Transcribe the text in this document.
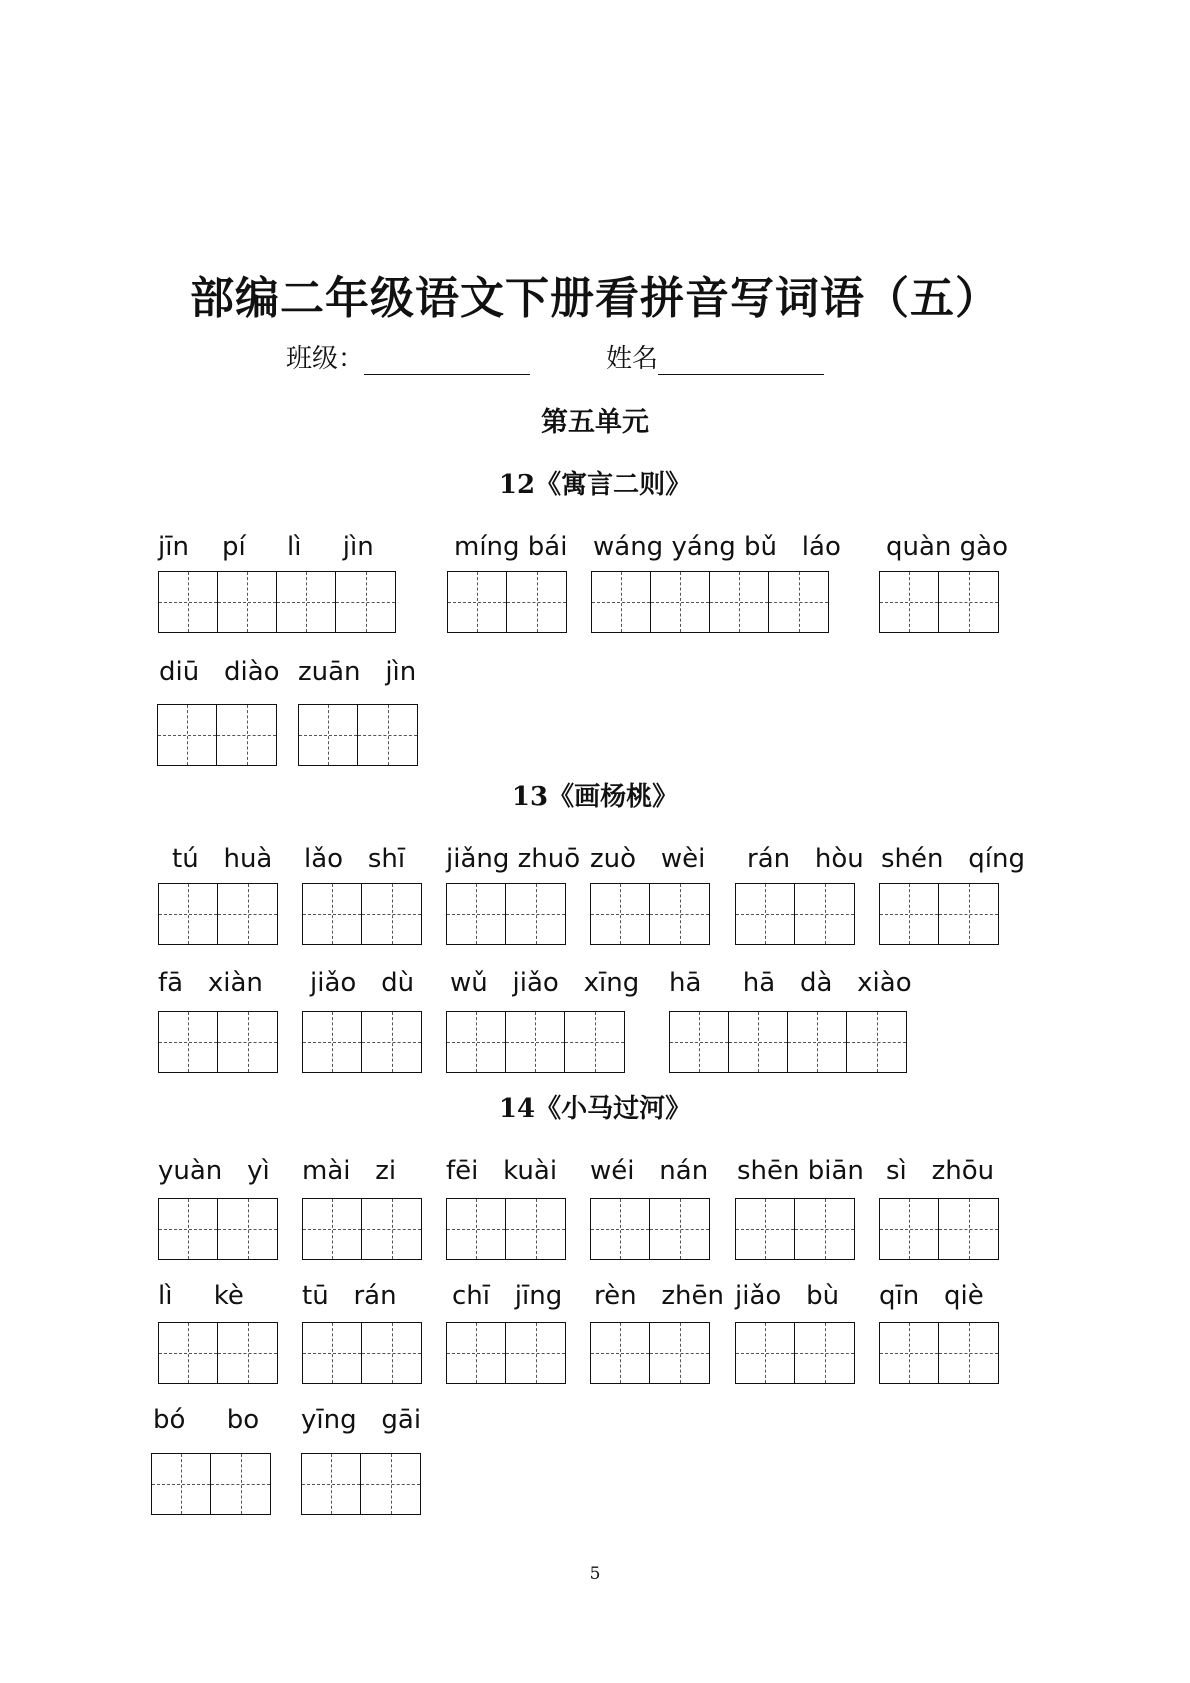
部编二年级语文下册看拼音写词语（五）
班级：	姓名
第五单元
12《寓言二则》
jīn    pí     lì     jìn	míng bái wáng yáng bǔ   láo quàn gào
diū   diào zuān   jìn
13《画杨桃》
tú   huà lǎo   shī jiǎng zhuō zuò   wèi rán   hòu shén   qíng
fā   xiàn jiǎo   dù wǔ   jiǎo   xīng hā     hā   dà   xiào
14《小马过河》
yuàn   yì mài   zi fēi   kuài wéi   nán shēn biān sì   zhōu
lì     kè tū   rán chī   jīng rèn   zhēn jiǎo   bù qīn   qiè
bó     bo yīng   gāi
5
